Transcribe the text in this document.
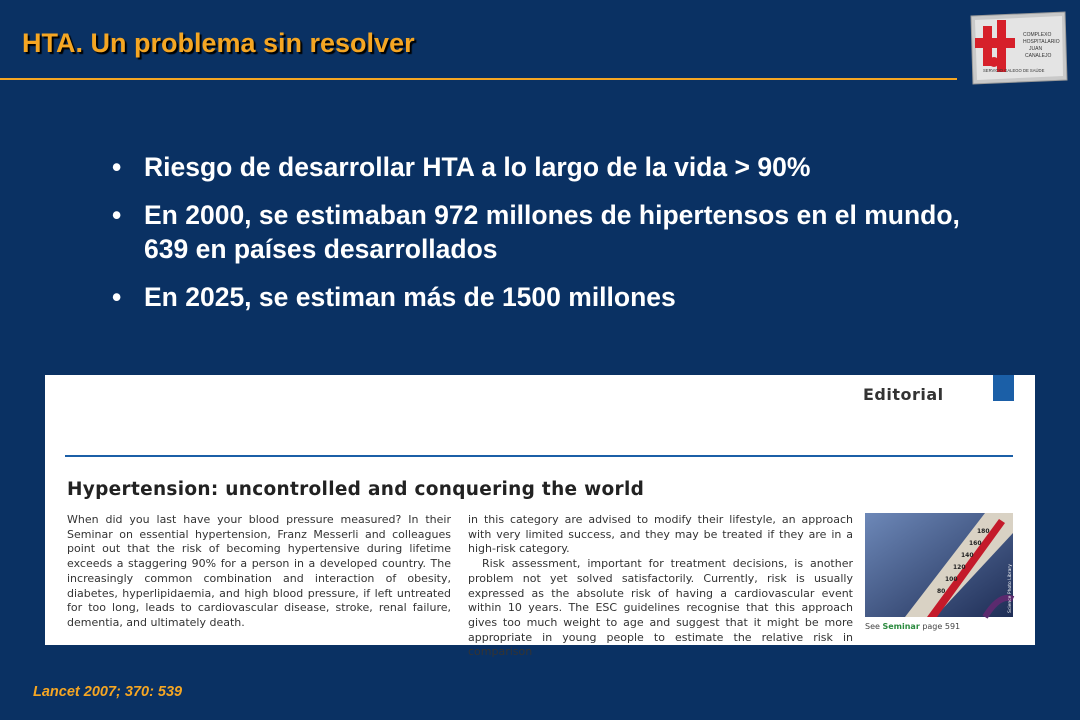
HTA. Un problema sin resolver	COMPLEXO
HOSPITALARIO
JUAN
CANALEJO
SERVICIO GALEGO DE SAÚDE
• Riesgo de desarrollar HTA a lo largo de la vida > 90%
• En 2000, se estimaban 972 millones de hipertensos en el mundo, 639 en países desarrollados
• En 2025, se estiman más de 1500 millones
Editorial
Hypertension: uncontrolled and conquering the world
When did you last have your blood pressure measured? In their Seminar on essential hypertension, Franz Messerli and colleagues point out that the risk of becoming hypertensive during lifetime exceeds a staggering 90% for a person in a developed country. The increasingly common combination and interaction of obesity, diabetes, hyperlipidaemia, and high blood pressure, if left untreated for too long, leads to cardiovascular disease, stroke, renal failure, dementia, and ultimately death.
in this category are advised to modify their lifestyle, an approach with very limited success, and they may be treated if they are in a high-risk category.
Risk assessment, important for treatment decisions, is another problem not yet solved satisfactorily. Currently, risk is usually expressed as the absolute risk of having a cardiovascular event within 10 years. The ESC guidelines recognise that this approach gives too much weight to age and suggest that it might be more appropriate in young people to estimate the relative risk in comparison
180
160
140
120
100
80	Science Photo Library
See Seminar page 591
Lancet 2007; 370: 539
